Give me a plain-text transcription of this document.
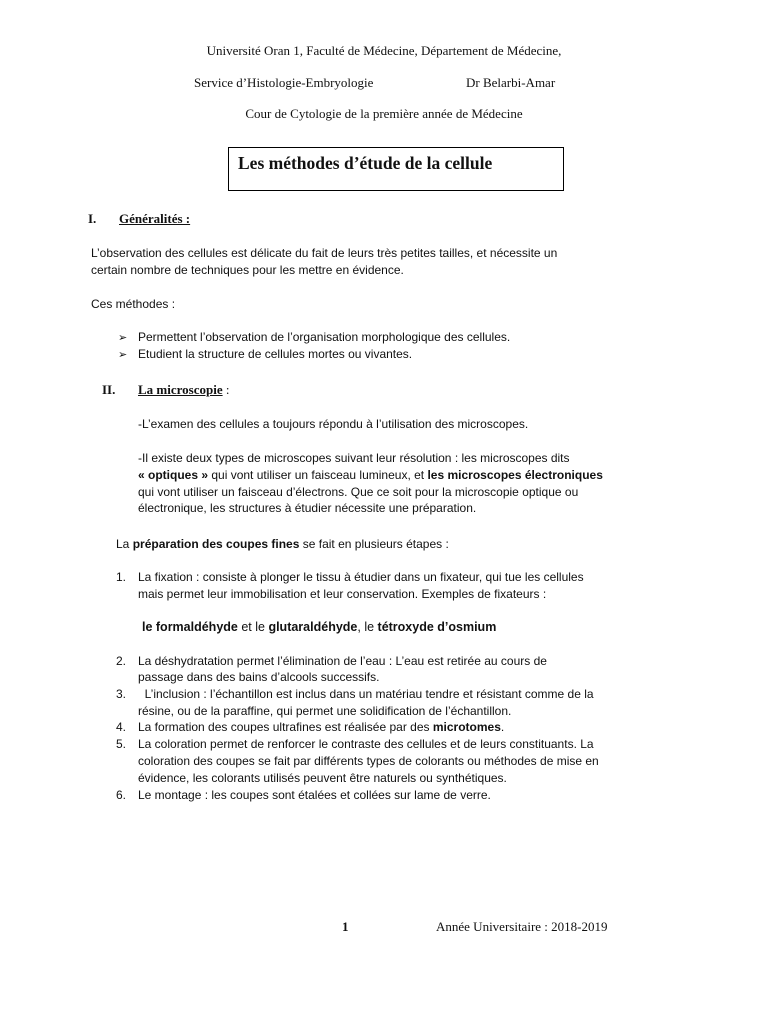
Université Oran 1, Faculté de Médecine, Département de Médecine,
Service d’Histologie-Embryologie	Dr Belarbi-Amar
Cour de Cytologie de la première année de Médecine
Les méthodes d’étude de la cellule
I. Généralités :
L’observation des cellules est délicate du fait de leurs très petites tailles, et nécessite un
certain nombre de techniques pour les mettre en évidence.
Ces méthodes :
➢ Permettent l’observation de l’organisation morphologique des cellules.
➢ Etudient la structure de cellules mortes ou vivantes.
II. La microscopie :
-L’examen des cellules a toujours répondu à l’utilisation des microscopes.
-Il existe deux types de microscopes suivant leur résolution : les microscopes dits
« optiques » qui vont utiliser un faisceau lumineux, et les microscopes électroniques
qui vont utiliser un faisceau d’électrons. Que ce soit pour la microscopie optique ou
électronique, les structures à étudier nécessite une préparation.
La préparation des coupes fines se fait en plusieurs étapes :
1. La fixation : consiste à plonger le tissu à étudier dans un fixateur, qui tue les cellules
mais permet leur immobilisation et leur conservation. Exemples de fixateurs :
le formaldéhyde et le glutaraldéhyde, le tétroxyde d’osmium
2. La déshydratation permet l’élimination de l’eau : L’eau est retirée au cours de
passage dans des bains d’alcools successifs.
3. L’inclusion : l’échantillon est inclus dans un matériau tendre et résistant comme de la
résine, ou de la paraffine, qui permet une solidification de l’échantillon.
4. La formation des coupes ultrafines est réalisée par des microtomes.
5. La coloration permet de renforcer le contraste des cellules et de leurs constituants. La
coloration des coupes se fait par différents types de colorants ou méthodes de mise en
évidence, les colorants utilisés peuvent être naturels ou synthétiques.
6. Le montage : les coupes sont étalées et collées sur lame de verre.
1	Année Universitaire : 2018-2019
